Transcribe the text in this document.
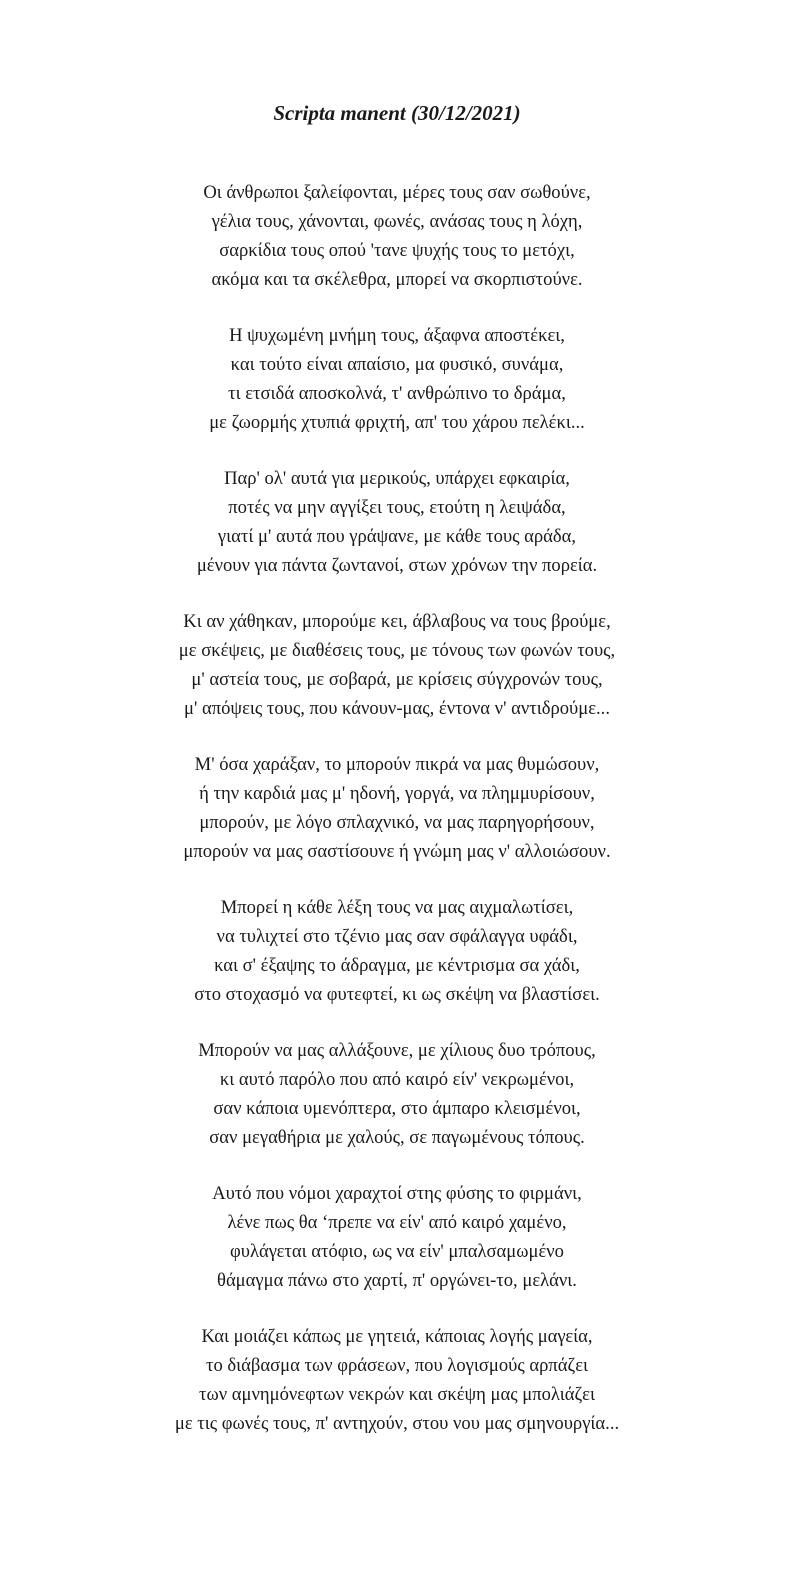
Scripta manent (30/12/2021)
Οι άνθρωποι ξαλείφονται, μέρες τους σαν σωθούνε,
γέλια τους, χάνονται, φωνές, ανάσας τους η λόχη,
σαρκίδια τους οπού 'τανε ψυχής τους το μετόχι,
ακόμα και τα σκέλεθρα, μπορεί να σκορπιστούνε.
Η ψυχωμένη μνήμη τους, άξαφνα αποστέκει,
και τούτο είναι απαίσιο, μα φυσικό, συνάμα,
τι ετσιδά αποσκολνά, τ' ανθρώπινο το δράμα,
με ζωορμής χτυπιά φριχτή, απ' του χάρου πελέκι...
Παρ' ολ' αυτά για μερικούς, υπάρχει εφκαιρία,
ποτές να μην αγγίξει τους, ετούτη η λειψάδα,
γιατί μ' αυτά που γράψανε, με κάθε τους αράδα,
μένουν για πάντα ζωντανοί, στων χρόνων την πορεία.
Κι αν χάθηκαν, μπορούμε κει, άβλαβους να τους βρούμε,
με σκέψεις, με διαθέσεις τους, με τόνους των φωνών τους,
μ' αστεία τους, με σοβαρά, με κρίσεις σύγχρονών τους,
μ' απόψεις τους, που κάνουν-μας, έντονα ν' αντιδρούμε...
Μ' όσα χαράξαν, το μπορούν πικρά να μας θυμώσουν,
ή την καρδιά μας μ' ηδονή, γοργά, να πλημμυρίσουν,
μπορούν, με λόγο σπλαχνικό, να μας παρηγορήσουν,
μπορούν να μας σαστίσουνε ή γνώμη μας ν' αλλοιώσουν.
Μπορεί η κάθε λέξη τους να μας αιχμαλωτίσει,
να τυλιχτεί στο τζένιο μας σαν σφάλαγγα υφάδι,
και σ' έξαψης το άδραγμα, με κέντρισμα σα χάδι,
στο στοχασμό να φυτεφτεί, κι ως σκέψη να βλαστίσει.
Μπορούν να μας αλλάξουνε, με χίλιους δυο τρόπους,
κι αυτό παρόλο που από καιρό είν' νεκρωμένοι,
σαν κάποια υμενόπτερα, στο άμπαρο κλεισμένοι,
σαν μεγαθήρια με χαλούς, σε παγωμένους τόπους.
Αυτό που νόμοι χαραχτοί στης φύσης το φιρμάνι,
λένε πως θα ‘πρεπε να είν' από καιρό χαμένο,
φυλάγεται ατόφιο, ως να είν' μπαλσαμωμένο
θάμαγμα πάνω στο χαρτί, π' οργώνει-το, μελάνι.
Και μοιάζει κάπως με γητειά, κάποιας λογής μαγεία,
το διάβασμα των φράσεων, που λογισμούς αρπάζει
των αμνημόνεφτων νεκρών και σκέψη μας μπολιάζει
με τις φωνές τους, π' αντηχούν, στου νου μας σμηνουργία...
